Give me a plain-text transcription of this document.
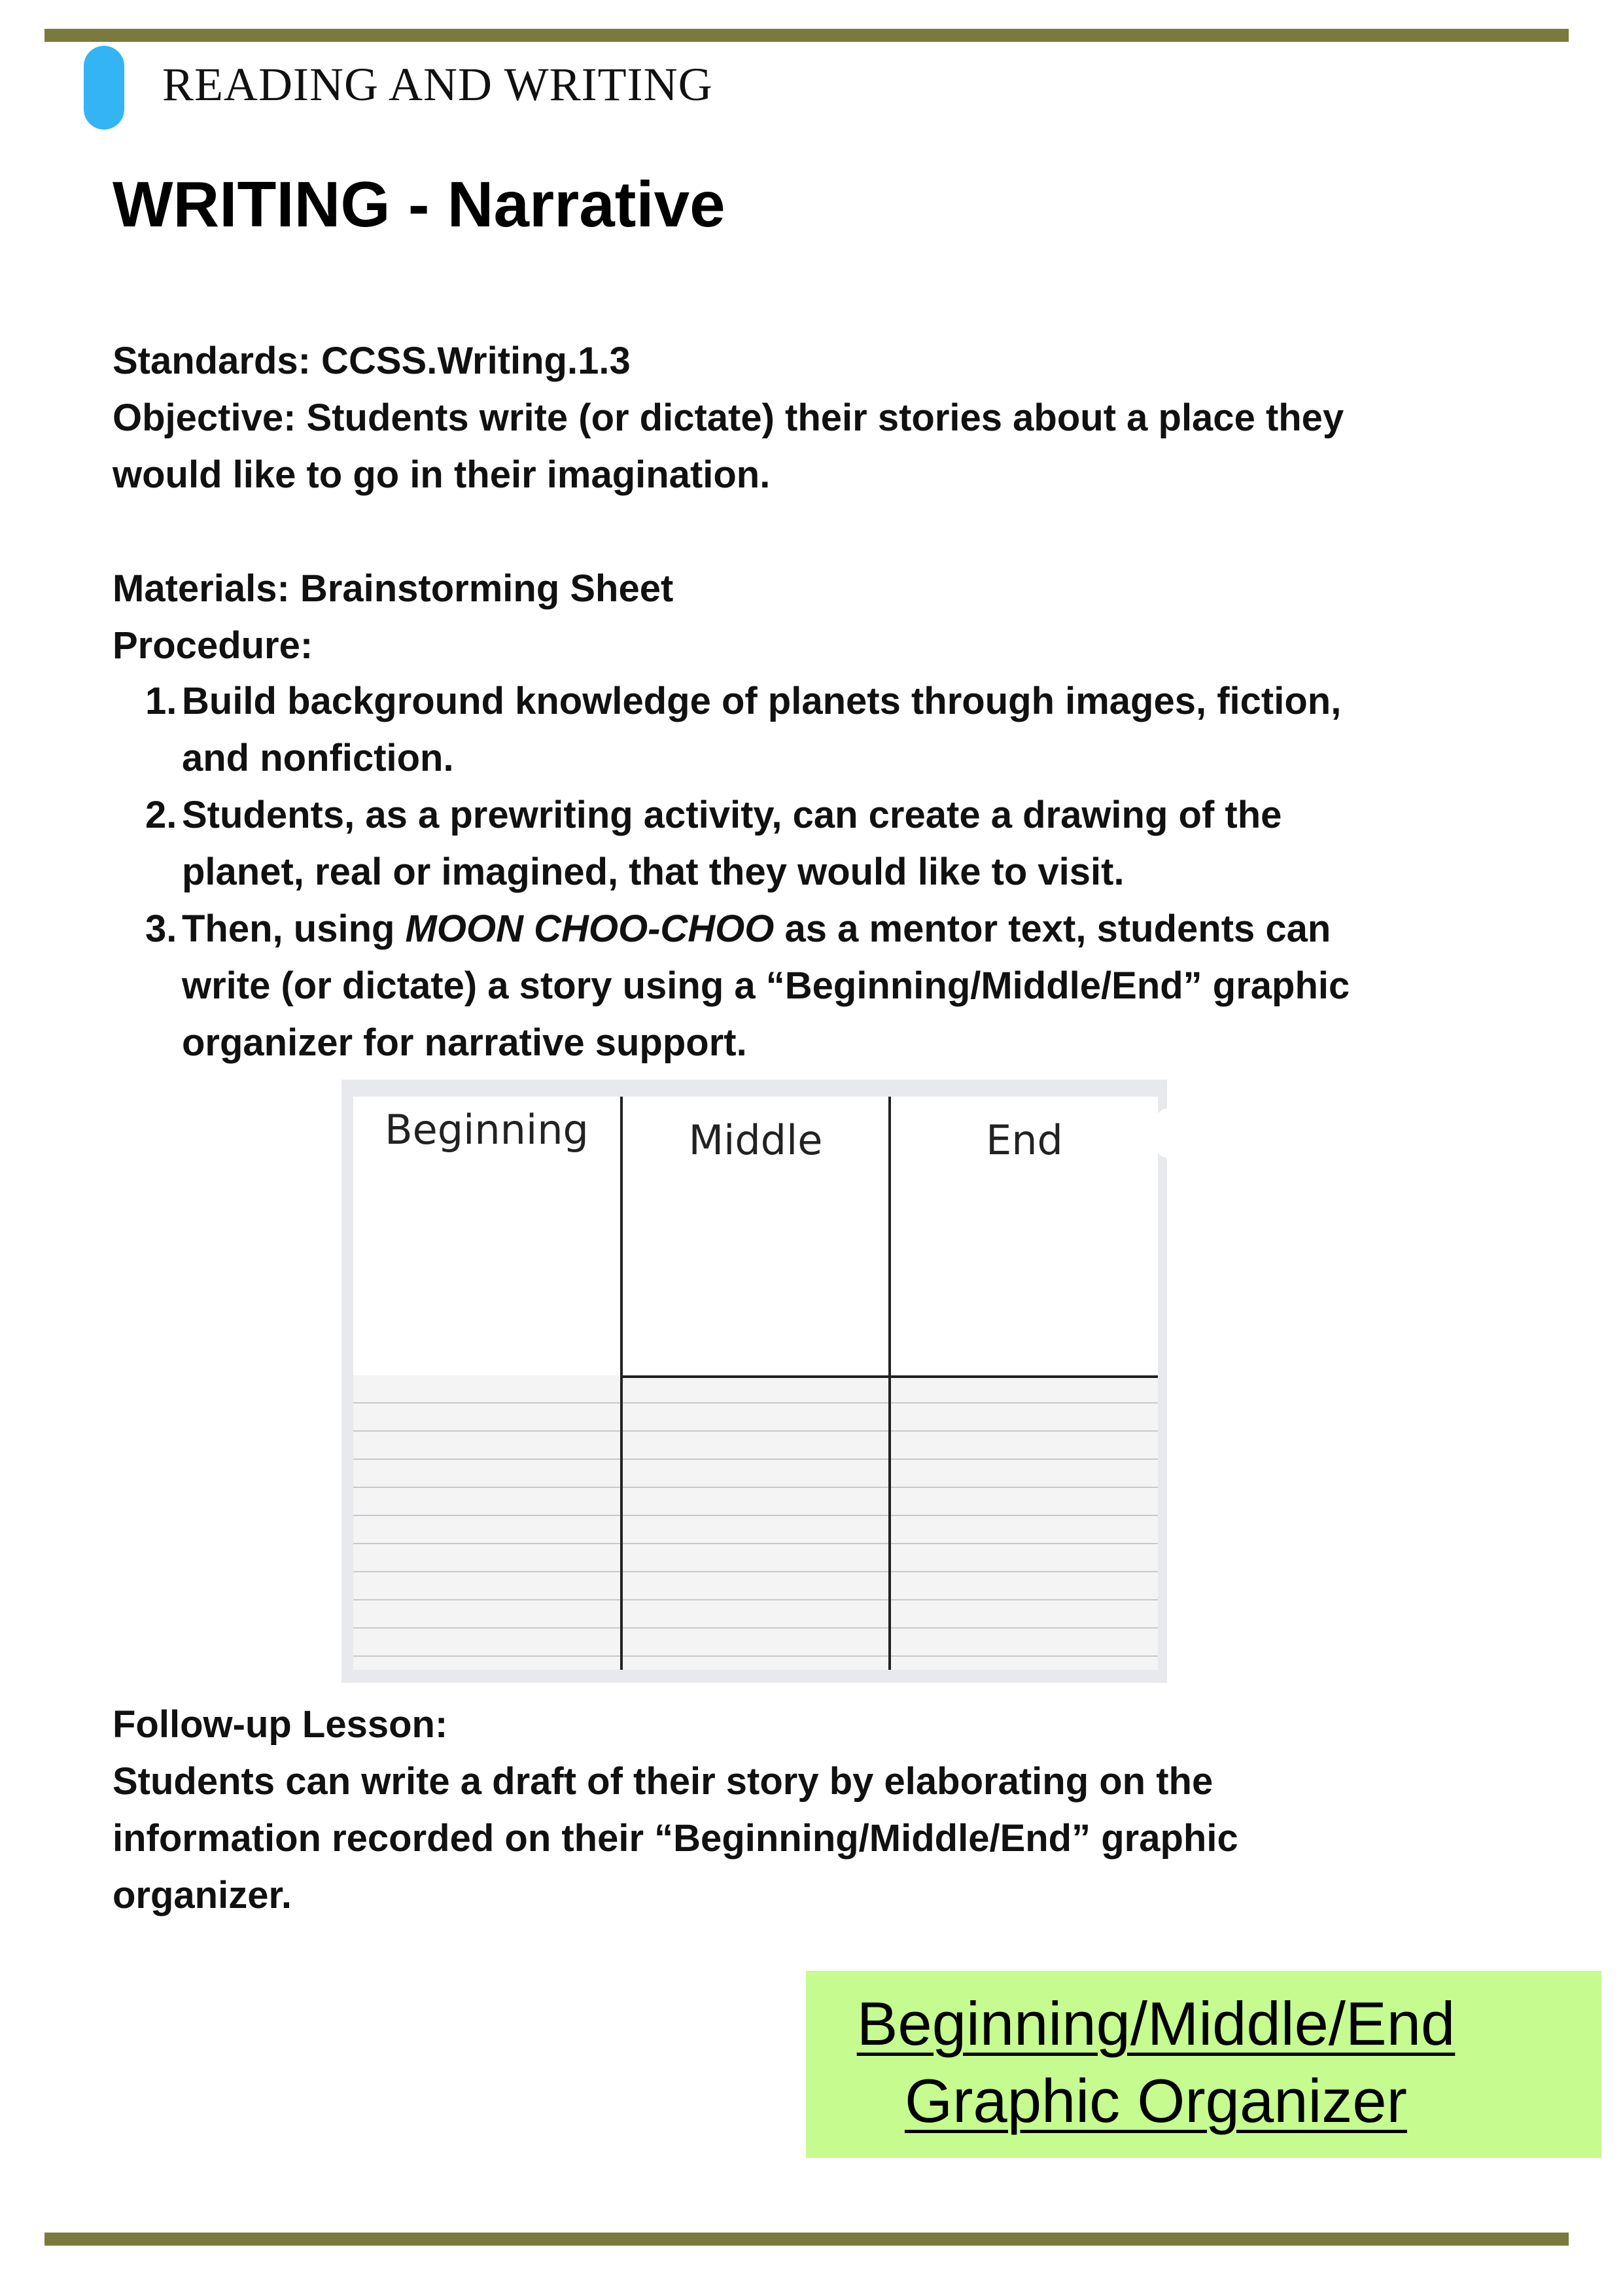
READING AND WRITING
WRITING - Narrative
Standards: CCSS.Writing.1.3
Objective: Students write (or dictate) their stories about a place they
would like to go in their imagination.
Materials: Brainstorming Sheet
Procedure:
1. Build background knowledge of planets through images, fiction,
and nonfiction.
2. Students, as a prewriting activity, can create a drawing of the
planet, real or imagined, that they would like to visit.
3. Then, using MOON CHOO-CHOO as a mentor text, students can
write (or dictate) a story using a “Beginning/Middle/End” graphic
organizer for narrative support.
Beginning	Middle	End
Follow-up Lesson:
Students can write a draft of their story by elaborating on the
information recorded on their “Beginning/Middle/End” graphic
organizer.
Beginning/Middle/End
Graphic Organizer
